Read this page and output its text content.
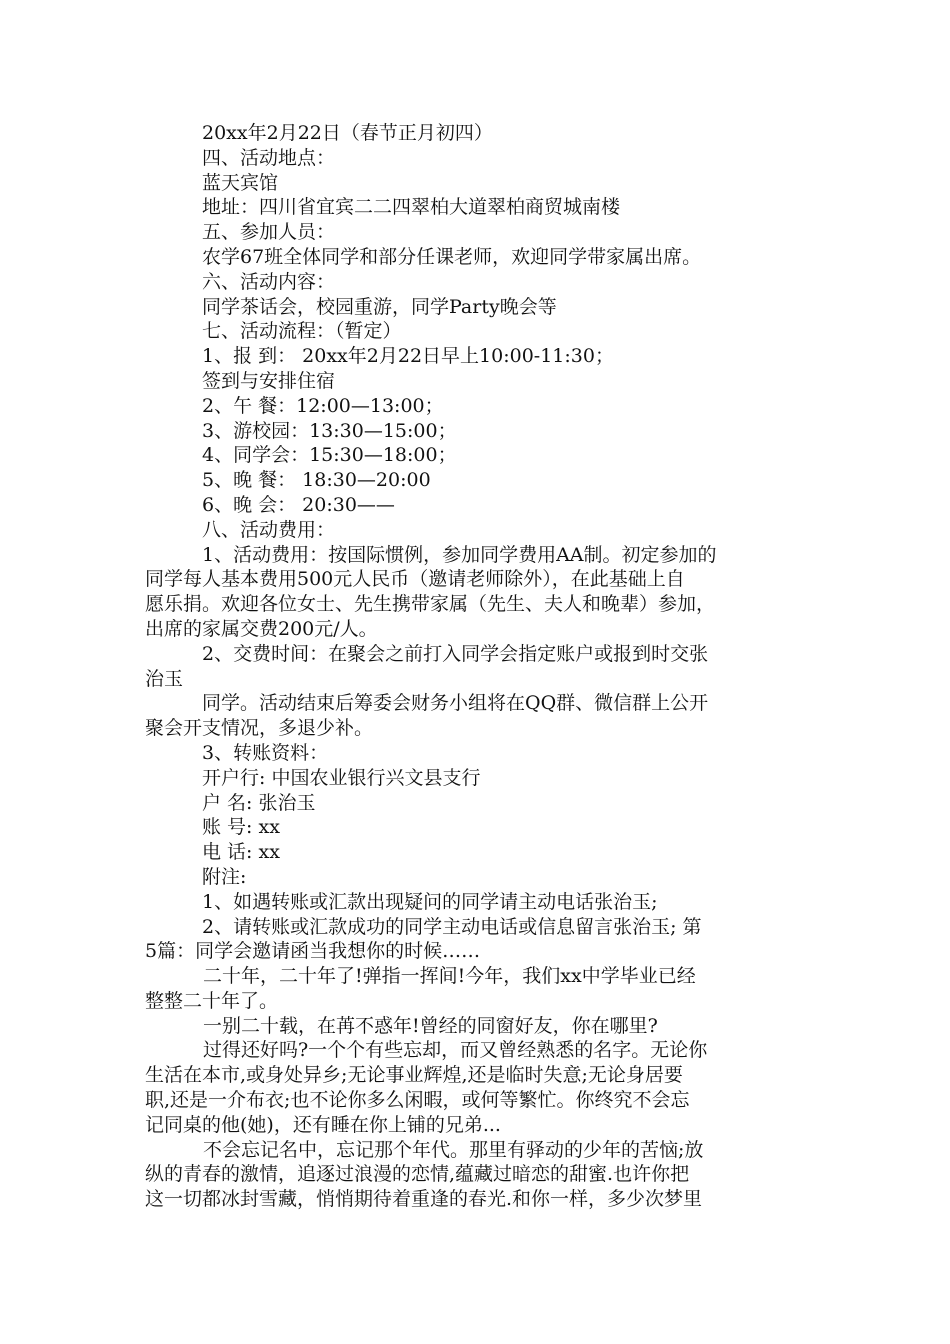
20xx年2月22日（春节正月初四）
四、活动地点：
蓝天宾馆
地址：四川省宜宾二二四翠柏大道翠柏商贸城南楼
五、参加人员：
农学67班全体同学和部分任课老师，欢迎同学带家属出席。
六、活动内容：
同学茶话会，校园重游，同学Party晚会等
七、活动流程：（暂定）
1、报 到： 20xx年2月22日早上10:00-11:30；
签到与安排住宿
2、午 餐：12:00—13:00；
3、游校园：13:30—15:00；
4、同学会：15:30—18:00；
5、晚 餐： 18:30—20:00
6、晚 会： 20:30——
八、活动费用：
1、活动费用：按国际惯例，参加同学费用AA制。初定参加的
同学每人基本费用500元人民币（邀请老师除外），在此基础上自
愿乐捐。欢迎各位女士、先生携带家属（先生、夫人和晚辈）参加，
出席的家属交费200元/人。
2、交费时间：在聚会之前打入同学会指定账户或报到时交张
治玉
同学。活动结束后筹委会财务小组将在QQ群、微信群上公开
聚会开支情况，多退少补。
3、转账资料：
开户行: 中国农业银行兴文县支行
户 名: 张治玉
账 号: xx
电 话: xx
附注:
1、如遇转账或汇款出现疑问的同学请主动电话张治玉;
2、请转账或汇款成功的同学主动电话或信息留言张治玉; 第
5篇：同学会邀请函当我想你的时候……
二十年，二十年了!弹指一挥间!今年，我们xx中学毕业已经
整整二十年了。
一别二十载，在苒不惑年!曾经的同窗好友，你在哪里?
过得还好吗?一个个有些忘却，而又曾经熟悉的名字。无论你
生活在本市,或身处异乡;无论事业辉煌,还是临时失意;无论身居要
职,还是一介布衣;也不论你多么闲暇，或何等繁忙。你终究不会忘
记同桌的他(她)，还有睡在你上铺的兄弟...
不会忘记名中，忘记那个年代。那里有驿动的少年的苦恼;放
纵的青春的激情，追逐过浪漫的恋情,蕴藏过暗恋的甜蜜.也许你把
这一切都冰封雪藏，悄悄期待着重逢的春光.和你一样，多少次梦里
